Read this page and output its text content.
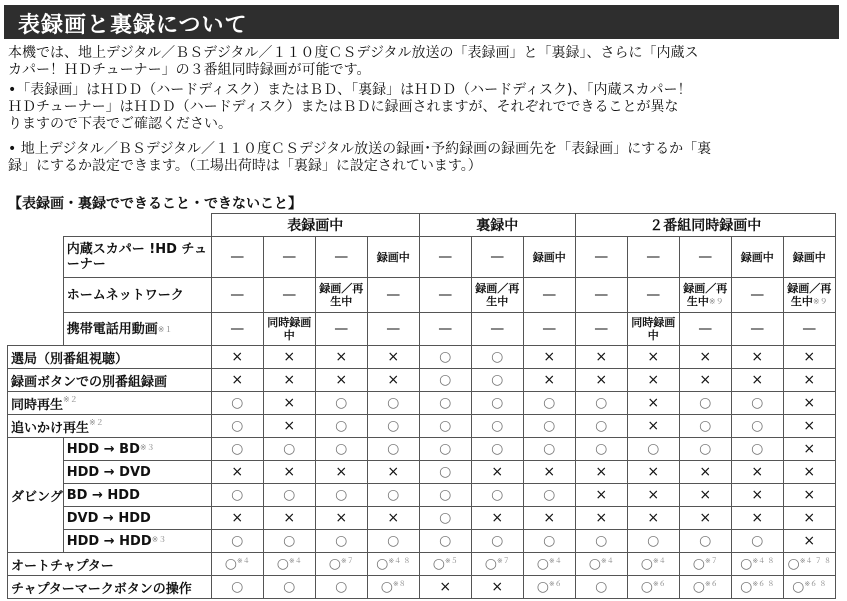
表録画と裏録について
本機では、地上デジタル／ＢＳデジタル／１１０度ＣＳデジタル放送の「表録画」と「裏録」、さらに「内蔵ス
カパー！ＨＤチューナー」の３番組同時録画が可能です。
•「表録画」はＨＤＤ（ハードディスク）またはＢＤ、「裏録」はＨＤＤ（ハードディスク)、「内蔵スカパー！
ＨＤチューナー」はＨＤＤ（ハードディスク）またはＢＤに録画されますが、それぞれでできることが異な
りますので下表でご確認ください。
• 地上デジタル／ＢＳデジタル／１１０度ＣＳデジタル放送の録画･予約録画の録画先を「表録画」にするか「裏
録」にするか設定できます。（工場出荷時は「裏録」に設定されています。）
【表録画・裏録でできること・できないこと】
		表録画中				裏録中			２番組同時録画中				
	内蔵スカパー !HD チューナー	—	—	—	録画中	—	—	録画中	—	—	—	録画中	録画中
	ホームネットワーク	—	—	録画／再生中	—	—	録画／再生中	—	—	—	録画／再生中$^{※9}$	—	録画／再生中$^{※9}$
	携帯電話用動画$^{※1}$	—	同時録画中	—	—	—	—	—	—	同時録画中	—	—	—
選局（別番組視聴）		×	×	×	×	○	○	×	×	×	×	×	×
録画ボタンでの別番組録画		×	×	×	×	○	○	×	×	×	×	×	×
同時再生$^{※2}$		○	×	○	○	○	○	○	○	×	○	○	×
追いかけ再生$^{※2}$		○	×	○	○	○	○	○	○	×	○	○	×
ダビング	HDD → $BD^{※3}$	○	○	○	○	○	○	○	○	○	○	○	×
	HDD → DVD	×	×	×	×	○	×	×	×	×	×	×	×
	BD → HDD	○	○	○	○	○	○	○	×	×	×	×	×
	DVD → HDD	×	×	×	×	○	×	×	×	×	×	×	×
	HDD → $HDD^{※3}$	○	○	○	○	○	○	○	○	○	○	○	×
オートチャプター		○$^{※4}$	○$^{※4}$	○$^{※7}$	○$^{※4 8}$	○$^{※5}$	○$^{※7}$	○$^{※4}$	○$^{※4}$	○$^{※4}$	○$^{※7}$	○$^{※4 8}$	○$^{※4 7 8}$
チャプターマークボタンの操作		○	○	○	○$^{※8}$	×	×	○$^{※6}$	○	○$^{※6}$	○$^{※6}$	○$^{※6 8}$	○$^{※6 8}$
